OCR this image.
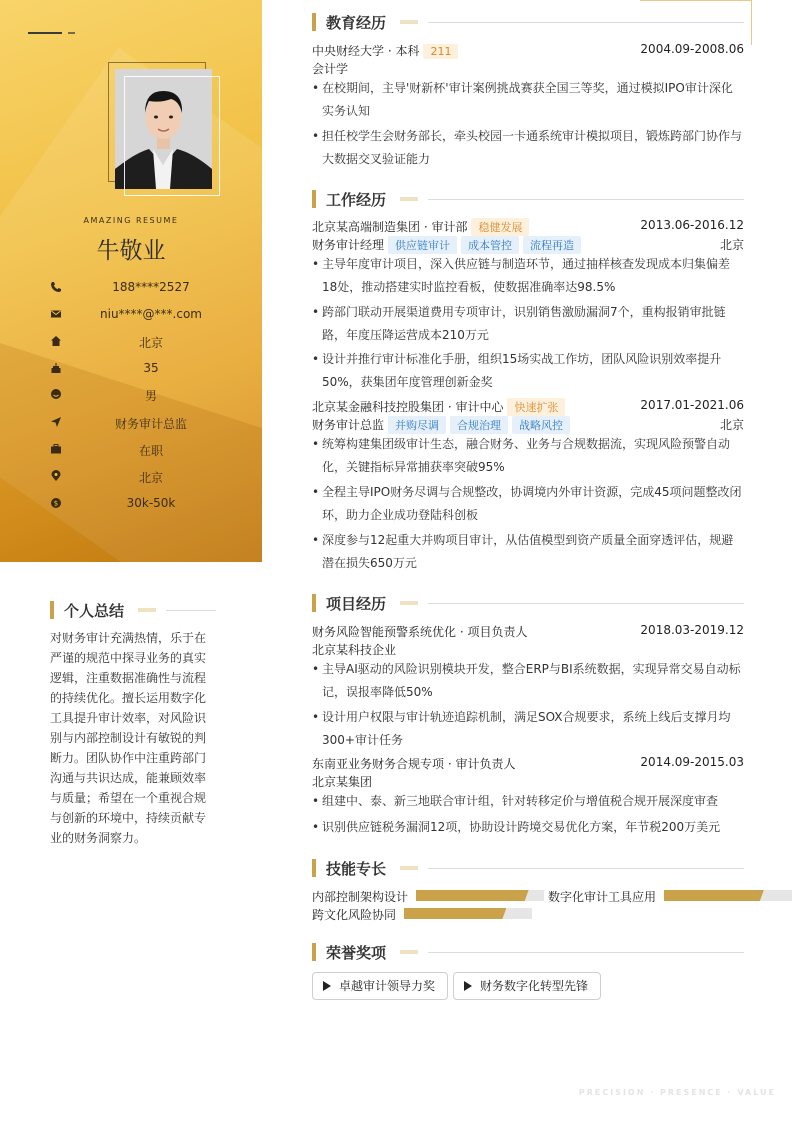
AMAZING RESUME
牛敬业
188****2527
niu****@***.com
北京
35
男
财务审计总监
在职
北京
$	30k-50k
个人总结
对财务审计充满热情，乐于在严谨的规范中探寻业务的真实逻辑，注重数据准确性与流程的持续优化。擅长运用数字化工具提升审计效率，对风险识别与内部控制设计有敏锐的判断力。团队协作中注重跨部门沟通与共识达成，能兼顾效率与质量；希望在一个重视合规与创新的环境中，持续贡献专业的财务洞察力。
教育经历
中央财经大学 · 本科 211	2004.09-2008.06
会计学
• 在校期间，主导'财新杯'审计案例挑战赛获全国三等奖，通过模拟IPO审计深化实务认知
• 担任校学生会财务部长，牵头校园一卡通系统审计模拟项目，锻炼跨部门协作与大数据交叉验证能力
工作经历
北京某高端制造集团 · 审计部 稳健发展	2013.06-2016.12
财务审计经理 供应链审计 成本管控 流程再造	北京
• 主导年度审计项目，深入供应链与制造环节，通过抽样核查发现成本归集偏差18处，推动搭建实时监控看板，使数据准确率达98.5%
• 跨部门联动开展渠道费用专项审计，识别销售激励漏洞7个，重构报销审批链路，年度压降运营成本210万元
• 设计并推行审计标准化手册，组织15场实战工作坊，团队风险识别效率提升50%，获集团年度管理创新金奖
北京某金融科技控股集团 · 审计中心 快速扩张	2017.01-2021.06
财务审计总监 并购尽调 合规治理 战略风控	北京
• 统筹构建集团级审计生态，融合财务、业务与合规数据流，实现风险预警自动化，关键指标异常捕获率突破95%
• 全程主导IPO财务尽调与合规整改，协调境内外审计资源，完成45项问题整改闭环，助力企业成功登陆科创板
• 深度参与12起重大并购项目审计，从估值模型到资产质量全面穿透评估，规避潜在损失650万元
项目经历
财务风险智能预警系统优化 · 项目负责人	2018.03-2019.12
北京某科技企业
• 主导AI驱动的风险识别模块开发，整合ERP与BI系统数据，实现异常交易自动标记，误报率降低50%
• 设计用户权限与审计轨迹追踪机制，满足SOX合规要求，系统上线后支撑月均300+审计任务
东南亚业务财务合规专项 · 审计负责人	2014.09-2015.03
北京某集团
• 组建中、泰、新三地联合审计组，针对转移定价与增值税合规开展深度审查
• 识别供应链税务漏洞12项，协助设计跨境交易优化方案，年节税200万美元
技能专长
内部控制架构设计	数字化审计工具应用
跨文化风险协同
荣誉奖项
卓越审计领导力奖	财务数字化转型先锋
PRECISION · PRESENCE · VALUE
